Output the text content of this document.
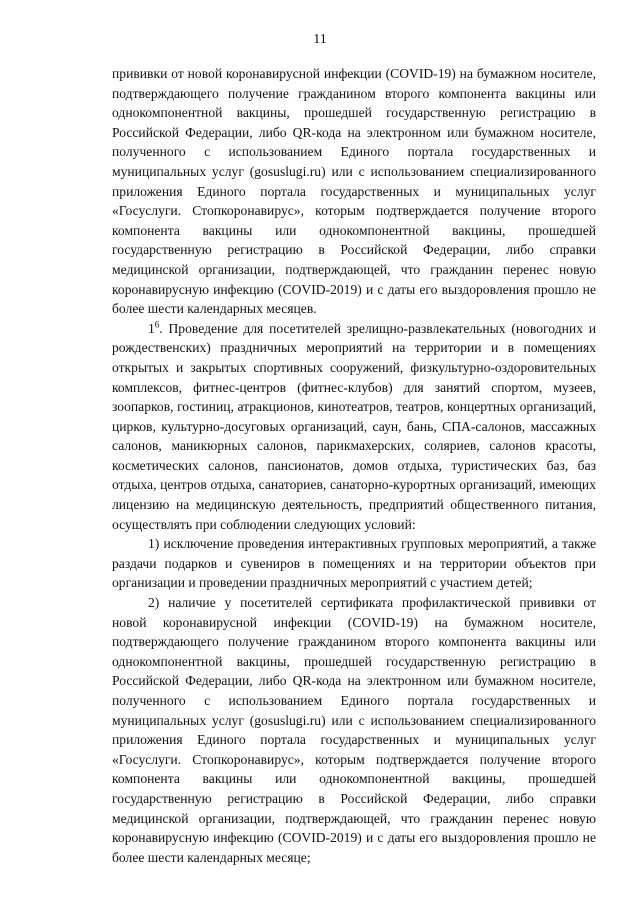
11

прививки от новой коронавирусной инфекции (COVID-19) на бумажном носителе, подтверждающего получение гражданином второго компонента вакцины или однокомпонентной вакцины, прошедшей государственную регистрацию в Российской Федерации, либо QR-кода на электронном или бумажном носителе, полученного с использованием Единого портала государственных и муниципальных услуг (gosuslugi.ru) или с использованием специализированного приложения Единого портала государственных и муниципальных услуг «Госуслуги. Стопкоронавирус», которым подтверждается получение второго компонента вакцины или однокомпонентной вакцины, прошедшей государственную регистрацию в Российской Федерации, либо справки медицинской организации, подтверждающей, что гражданин перенес новую коронавирусную инфекцию (COVID-2019) и с даты его выздоровления прошло не более шести календарных месяцев.

$1^6$. Проведение для посетителей зрелищно-развлекательных (новогодних и рождественских) праздничных мероприятий на территории и в помещениях открытых и закрытых спортивных сооружений, физкультурно-оздоровительных комплексов, фитнес-центров (фитнес-клубов) для занятий спортом, музеев, зоопарков, гостиниц, атракционов, кинотеатров, театров, концертных организаций, цирков, культурно-досуговых организаций, саун, бань, СПА-салонов, массажных салонов, маникюрных салонов, парикмахерских, соляриев, салонов красоты, косметических салонов, пансионатов, домов отдыха, туристических баз, баз отдыха, центров отдыха, санаториев, санаторно-курортных организаций, имеющих лицензию на медицинскую деятельность, предприятий общественного питания, осуществлять при соблюдении следующих условий:

1) исключение проведения интерактивных групповых мероприятий, а также раздачи подарков и сувениров в помещениях и на территории объектов при организации и проведении праздничных мероприятий с участием детей;

2) наличие у посетителей сертификата профилактической прививки от новой коронавирусной инфекции (COVID-19) на бумажном носителе, подтверждающего получение гражданином второго компонента вакцины или однокомпонентной вакцины, прошедшей государственную регистрацию в Российской Федерации, либо QR-кода на электронном или бумажном носителе, полученного с использованием Единого портала государственных и муниципальных услуг (gosuslugi.ru) или с использованием специализированного приложения Единого портала государственных и муниципальных услуг «Госуслуги. Стопкоронавирус», которым подтверждается получение второго компонента вакцины или однокомпонентной вакцины, прошедшей государственную регистрацию в Российской Федерации, либо справки медицинской организации, подтверждающей, что гражданин перенес новую коронавирусную инфекцию (COVID-2019) и с даты его выздоровления прошло не более шести календарных месяце;
